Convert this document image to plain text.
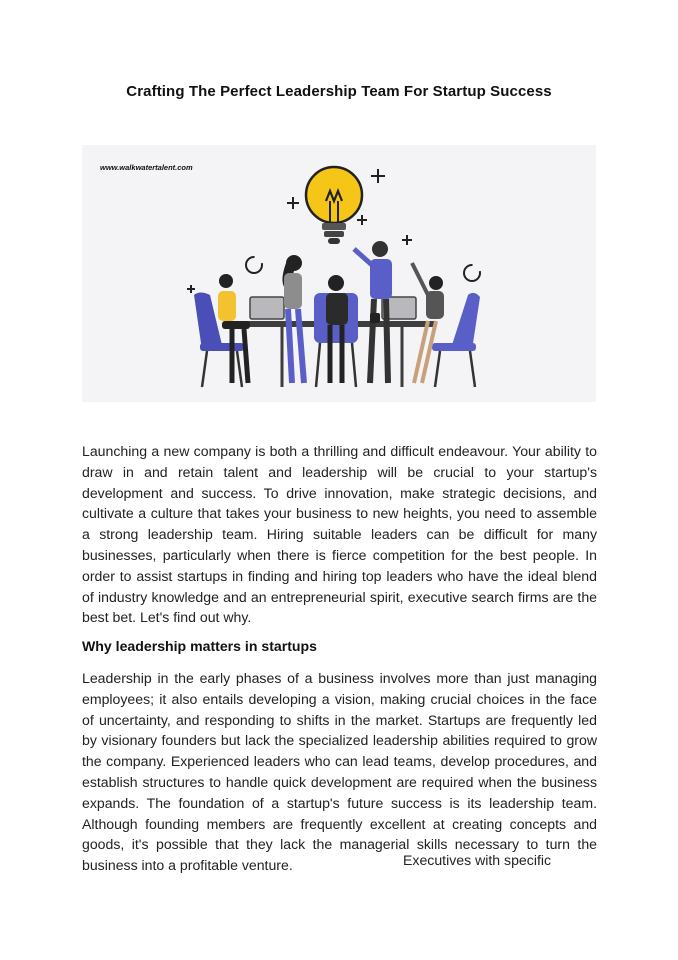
Crafting The Perfect Leadership Team For Startup Success
www.walkwatertalent.com

Launching a new company is both a thrilling and difficult endeavour. Your ability to draw in and retain talent and leadership will be crucial to your startup's development and success. To drive innovation, make strategic decisions, and cultivate a culture that takes your business to new heights, you need to assemble a strong leadership team. Hiring suitable leaders can be difficult for many businesses, particularly when there is fierce competition for the best people. In order to assist startups in finding and hiring top leaders who have the ideal blend of industry knowledge and an entrepreneurial spirit, executive search firms are the best bet. Let's find out why.

Why leadership matters in startups

Leadership in the early phases of a business involves more than just managing employees; it also entails developing a vision, making crucial choices in the face of uncertainty, and responding to shifts in the market. Startups are frequently led by visionary founders but lack the specialized leadership abilities required to grow the company. Experienced leaders who can lead teams, develop procedures, and establish structures to handle quick development are required when the business expands. The foundation of a startup's future success is its leadership team. Although founding members are frequently excellent at creating concepts and goods, it's possible that they lack the managerial skills necessary to turn the business into a profitable venture.	Executives with specific
